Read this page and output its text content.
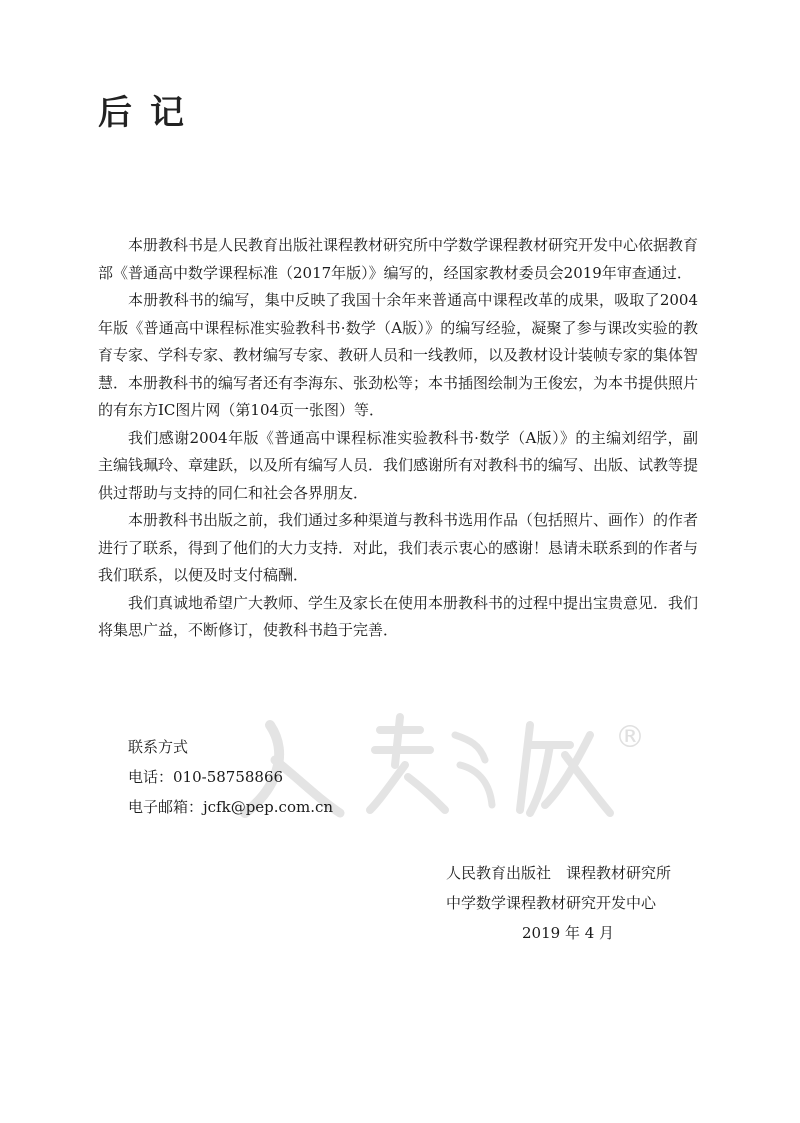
后记
®

本册教科书是人民教育出版社课程教材研究所中学数学课程教材研究开发中心依据教育部《普通高中数学课程标准（2017年版）》编写的，经国家教材委员会2019年审查通过．

本册教科书的编写，集中反映了我国十余年来普通高中课程改革的成果，吸取了2004年版《普通高中课程标准实验教科书·数学（A版）》的编写经验，凝聚了参与课改实验的教育专家、学科专家、教材编写专家、教研人员和一线教师，以及教材设计装帧专家的集体智慧．本册教科书的编写者还有李海东、张劲松等；本书插图绘制为王俊宏，为本书提供照片的有东方IC图片网（第104页一张图）等．

我们感谢2004年版《普通高中课程标准实验教科书·数学（A版）》的主编刘绍学，副主编钱珮玲、章建跃，以及所有编写人员．我们感谢所有对教科书的编写、出版、试教等提供过帮助与支持的同仁和社会各界朋友．

本册教科书出版之前，我们通过多种渠道与教科书选用作品（包括照片、画作）的作者进行了联系，得到了他们的大力支持．对此，我们表示衷心的感谢！恳请未联系到的作者与我们联系，以便及时支付稿酬．

我们真诚地希望广大教师、学生及家长在使用本册教科书的过程中提出宝贵意见．我们将集思广益，不断修订，使教科书趋于完善．

联系方式
电话：010-58758866
电子邮箱：jcfk@pep.com.cn
人民教育出版社　课程教材研究所
中学数学课程教材研究开发中心
2019 年 4 月
